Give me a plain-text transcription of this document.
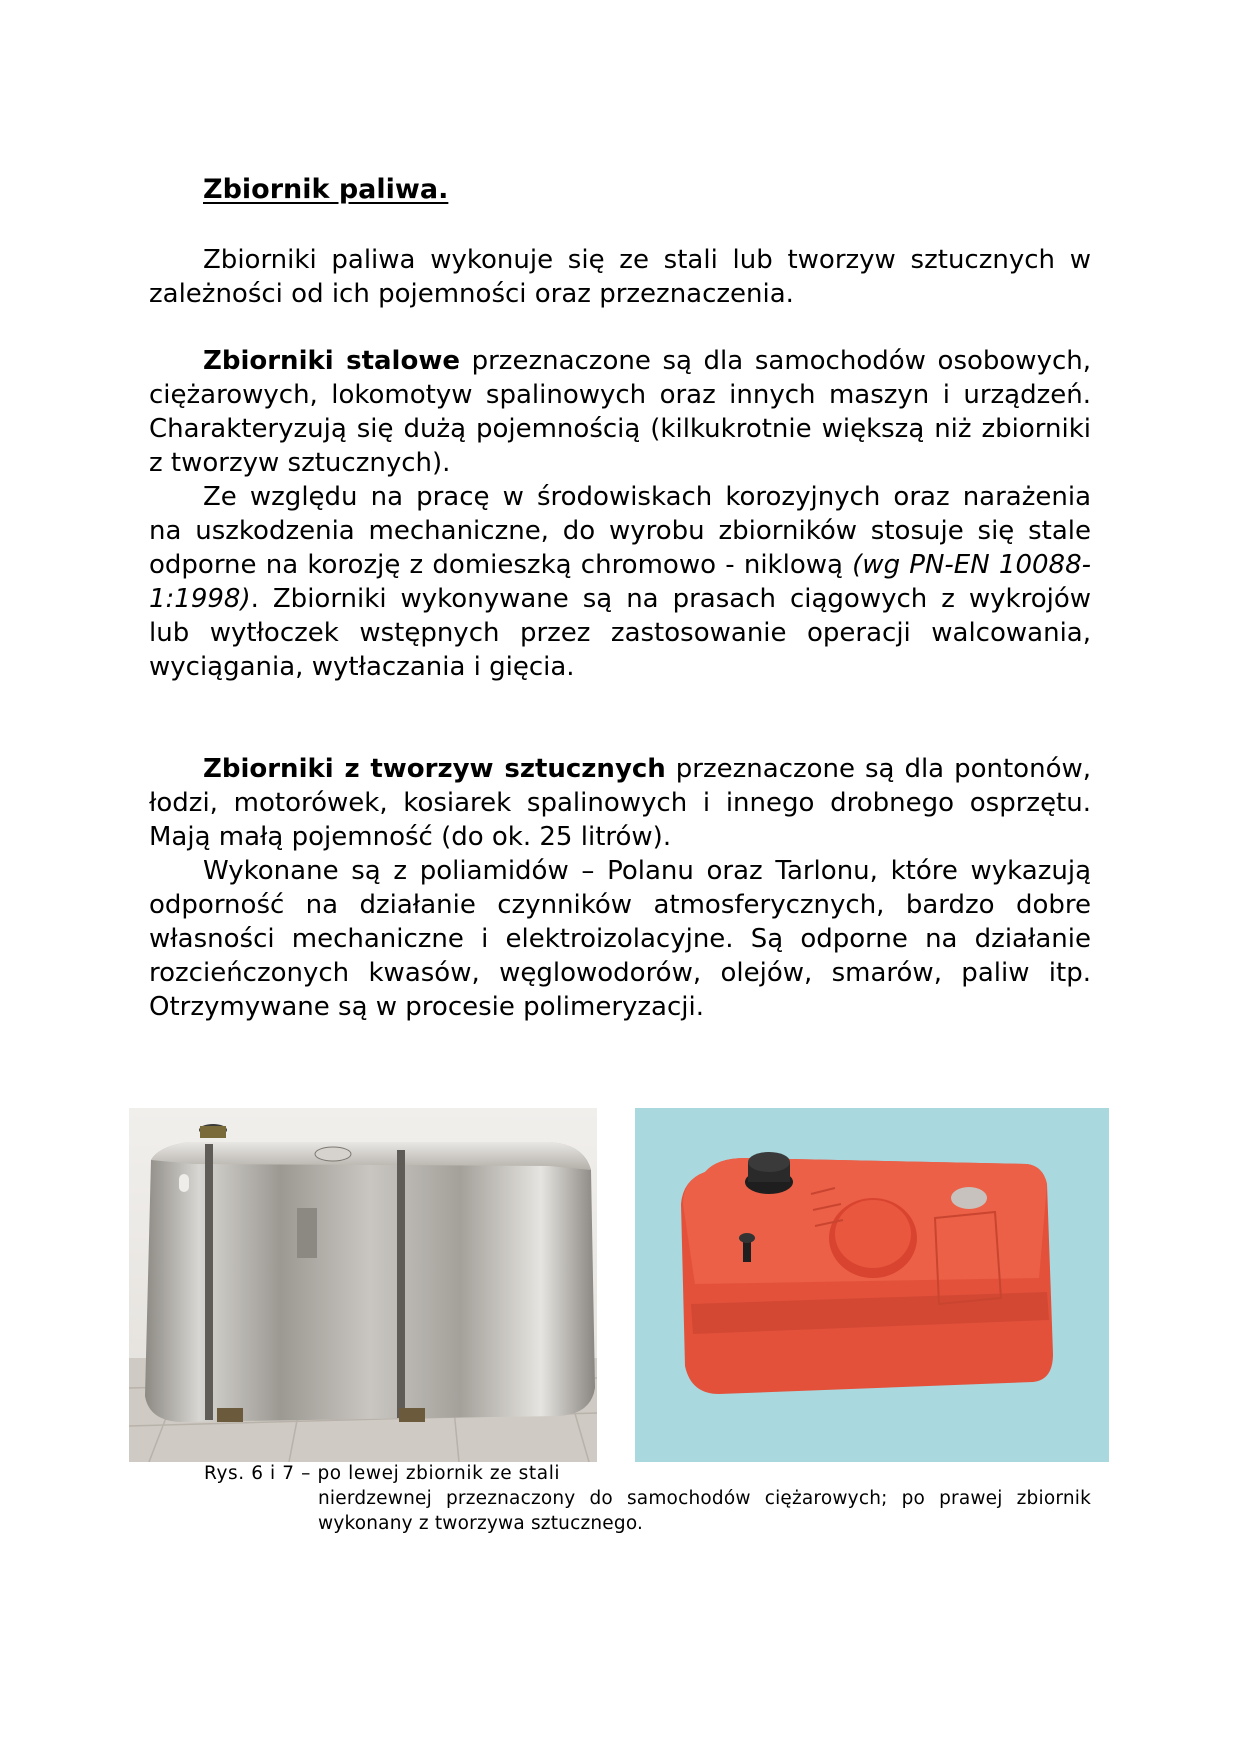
Zbiornik paliwa.

Zbiorniki paliwa wykonuje się ze stali lub tworzyw sztucznych w zależności od ich pojemności oraz przeznaczenia.

Zbiorniki stalowe przeznaczone są dla samochodów osobowych, ciężarowych, lokomotyw spalinowych oraz innych maszyn i urządzeń. Charakteryzują się dużą pojemnością (kilkukrotnie większą niż zbiorniki z tworzyw sztucznych).

Ze względu na pracę w środowiskach korozyjnych oraz narażenia na uszkodzenia mechaniczne, do wyrobu zbiorników stosuje się stale odporne na korozję z domieszką chromowo - niklową (wg PN-EN 10088-1:1998). Zbiorniki wykonywane są na prasach ciągowych z wykrojów lub wytłoczek wstępnych przez zastosowanie operacji walcowania, wyciągania, wytłaczania i gięcia.

Zbiorniki z tworzyw sztucznych przeznaczone są dla pontonów, łodzi, motorówek, kosiarek spalinowych i innego drobnego osprzętu. Mają małą pojemność (do ok. 25 litrów).

Wykonane są z poliamidów – Polanu oraz Tarlonu, które wykazują odporność na działanie czynników atmosferycznych, bardzo dobre własności mechaniczne i elektroizolacyjne. Są odporne na działanie rozcieńczonych kwasów, węglowodorów, olejów, smarów, paliw itp. Otrzymywane są w procesie polimeryzacji.

Rys. 6 i 7 – po lewej zbiornik ze stali

nierdzewnej przeznaczony do samochodów ciężarowych; po prawej zbiornik wykonany z tworzywa sztucznego.
